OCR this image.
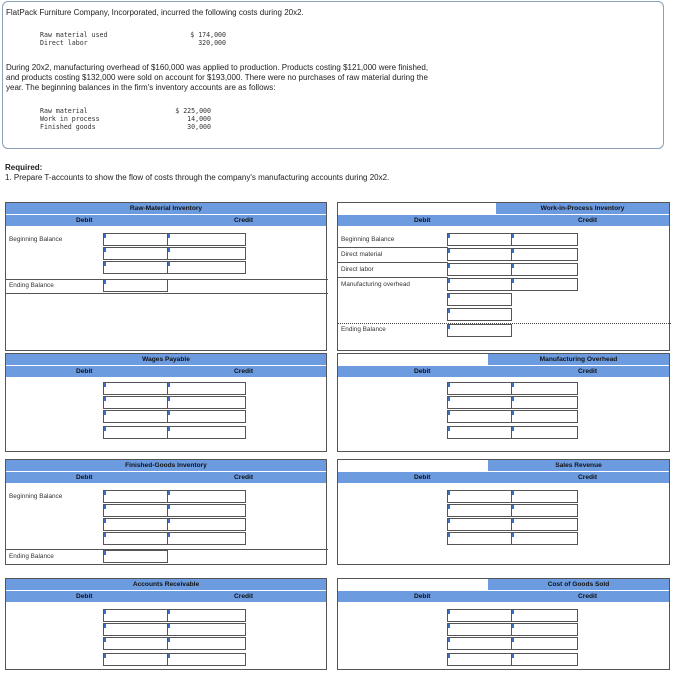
FlatPack Furniture Company, Incorporated, incurred the following costs during 20x2.
Raw material used	$ 174,000
Direct labor	320,000
During 20x2, manufacturing overhead of $160,000 was applied to production. Products costing $121,000 were finished,
and products costing $132,000 were sold on account for $193,000. There were no purchases of raw material during the
year. The beginning balances in the firm's inventory accounts are as follows:
Raw material	$ 225,000
Work in process	14,000
Finished goods	30,000
Required:
1. Prepare T-accounts to show the flow of costs through the company's manufacturing accounts during 20x2.
Raw-Material Inventory
Debit	Credit
Beginning Balance
Ending Balance
Work-in-Process Inventory
Debit	Credit
Beginning Balance
Direct material
Direct labor
Manufacturing overhead
Ending Balance
Wages Payable
Debit	Credit
Manufacturing Overhead
Debit	Credit
Finished-Goods Inventory
Debit	Credit
Beginning Balance
Ending Balance
Sales Revenue
Debit	Credit
Accounts Receivable
Debit	Credit
Cost of Goods Sold
Debit	Credit
